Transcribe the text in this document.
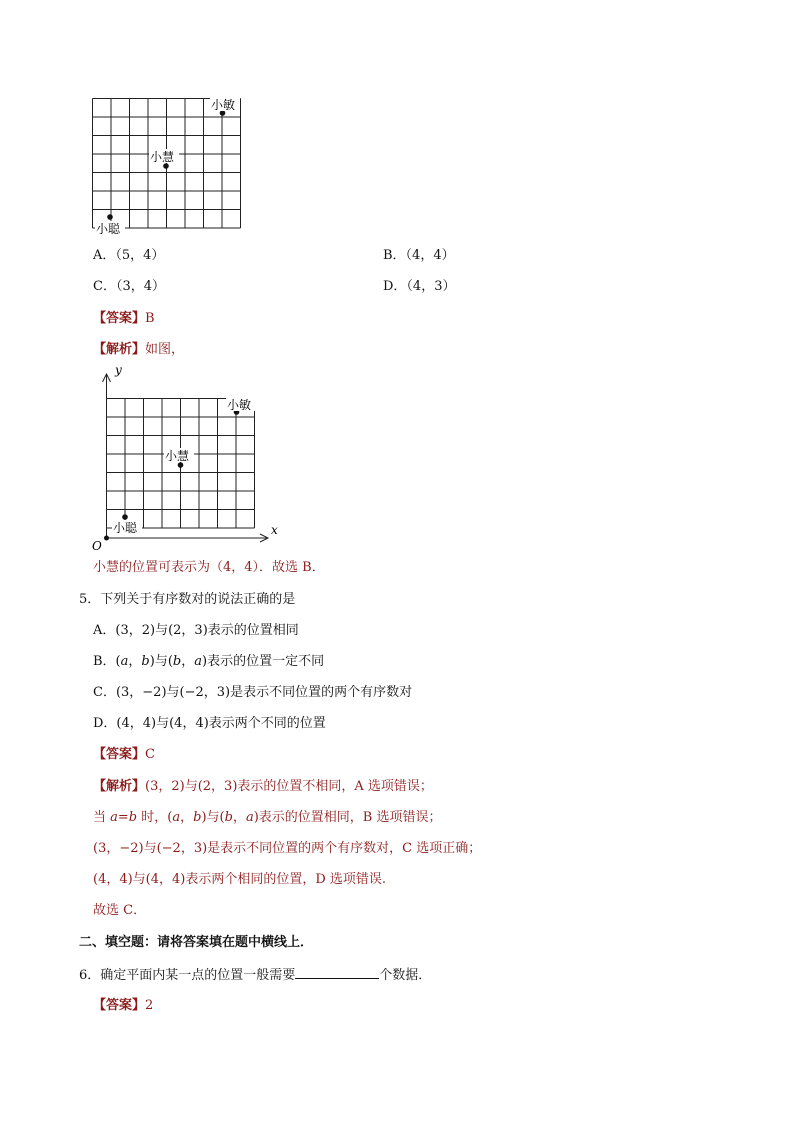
小敏
小慧
小聪
A．（5，4）	B．（4，4）
C．（3，4）	D．（4，3）
【答案】B
【解析】如图，
y
x
O
小敏
小慧
小聪
小慧的位置可表示为（4，4）．故选 B．
5．下列关于有序数对的说法正确的是
A．(3，2)与(2，3)表示的位置相同
B．(a，b)与(b，a)表示的位置一定不同
C．(3，−2)与(−2，3)是表示不同位置的两个有序数对
D．(4，4)与(4，4)表示两个不同的位置
【答案】C
【解析】(3，2)与(2，3)表示的位置不相同，A 选项错误；
当 a=b 时，(a，b)与(b，a)表示的位置相同，B 选项错误；
(3，−2)与(−2，3)是表示不同位置的两个有序数对，C 选项正确；
(4，4)与(4，4)表示两个相同的位置，D 选项错误.
故选 C．
二、填空题：请将答案填在题中横线上．
6．确定平面内某一点的位置一般需要	个数据．
【答案】2
